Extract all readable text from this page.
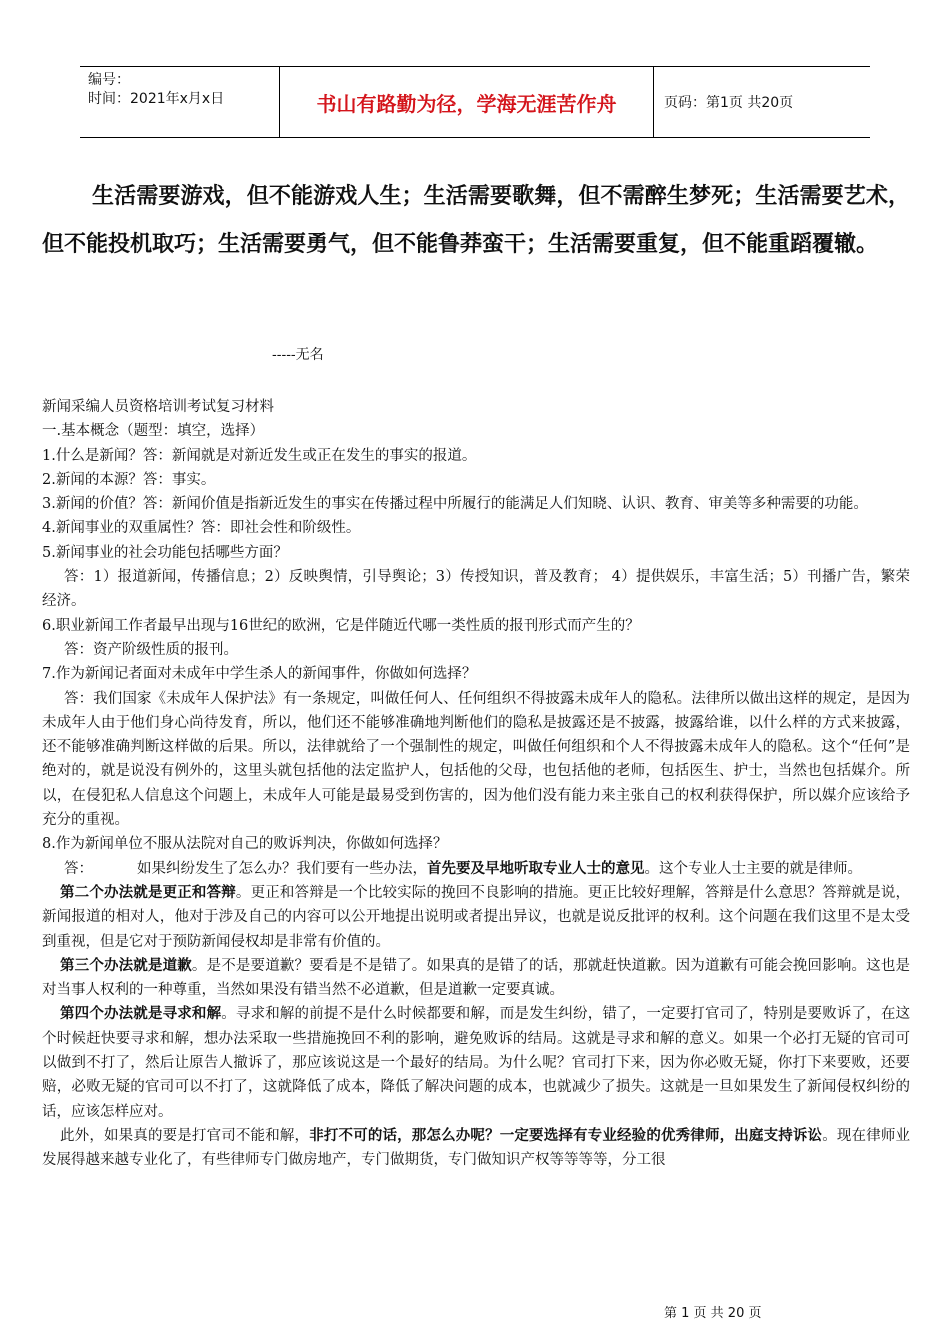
编号：
时间：2021年x月x日	书山有路勤为径，学海无涯苦作舟	页码：第1页 共20页
生活需要游戏，但不能游戏人生；生活需要歌舞，但不需醉生梦死；生活需要艺术，但不能投机取巧；生活需要勇气，但不能鲁莽蛮干；生活需要重复，但不能重蹈覆辙。
-----无名

新闻采编人员资格培训考试复习材料

一.基本概念（题型：填空，选择）

1.什么是新闻？答：新闻就是对新近发生或正在发生的事实的报道。

2.新闻的本源？答：事实。

3.新闻的价值？答：新闻价值是指新近发生的事实在传播过程中所履行的能满足人们知晓、认识、教育、审美等多种需要的功能。

4.新闻事业的双重属性？答：即社会性和阶级性。

5.新闻事业的社会功能包括哪些方面？

答：1）报道新闻，传播信息；2）反映舆情，引导舆论；3）传授知识，普及教育； 4）提供娱乐，丰富生活；5）刊播广告，繁荣经济。

6.职业新闻工作者最早出现与16世纪的欧洲，它是伴随近代哪一类性质的报刊形式而产生的？

答：资产阶级性质的报刊。

7.作为新闻记者面对未成年中学生杀人的新闻事件，你做如何选择？

答：我们国家《未成年人保护法》有一条规定，叫做任何人、任何组织不得披露未成年人的隐私。法律所以做出这样的规定，是因为未成年人由于他们身心尚待发育，所以，他们还不能够准确地判断他们的隐私是披露还是不披露，披露给谁，以什么样的方式来披露，还不能够准确判断这样做的后果。所以，法律就给了一个强制性的规定，叫做任何组织和个人不得披露未成年人的隐私。这个“任何”是绝对的，就是说没有例外的，这里头就包括他的法定监护人，包括他的父母，也包括他的老师，包括医生、护士，当然也包括媒介。所以，在侵犯私人信息这个问题上，未成年人可能是最易受到伤害的，因为他们没有能力来主张自己的权利获得保护，所以媒介应该给予充分的重视。

8.作为新闻单位不服从法院对自己的败诉判决，你做如何选择？

答：	如果纠纷发生了怎么办？我们要有一些办法，首先要及早地听取专业人士的意见。这个专业人士主要的就是律师。

第二个办法就是更正和答辩。更正和答辩是一个比较实际的挽回不良影响的措施。更正比较好理解，答辩是什么意思？答辩就是说，新闻报道的相对人，他对于涉及自己的内容可以公开地提出说明或者提出异议，也就是说反批评的权利。这个问题在我们这里不是太受到重视，但是它对于预防新闻侵权却是非常有价值的。

第三个办法就是道歉。是不是要道歉？要看是不是错了。如果真的是错了的话，那就赶快道歉。因为道歉有可能会挽回影响。这也是对当事人权利的一种尊重，当然如果没有错当然不必道歉，但是道歉一定要真诚。

第四个办法就是寻求和解。寻求和解的前提不是什么时候都要和解，而是发生纠纷，错了，一定要打官司了，特别是要败诉了，在这个时候赶快要寻求和解，想办法采取一些措施挽回不利的影响，避免败诉的结局。这就是寻求和解的意义。如果一个必打无疑的官司可以做到不打了，然后让原告人撤诉了，那应该说这是一个最好的结局。为什么呢？官司打下来，因为你必败无疑，你打下来要败，还要赔，必败无疑的官司可以不打了，这就降低了成本，降低了解决问题的成本，也就减少了损失。这就是一旦如果发生了新闻侵权纠纷的话，应该怎样应对。

此外，如果真的要是打官司不能和解，非打不可的话，那怎么办呢？一定要选择有专业经验的优秀律师，出庭支持诉讼。现在律师业发展得越来越专业化了，有些律师专门做房地产，专门做期货，专门做知识产权等等等等，分工很

第 1 页 共 20 页
